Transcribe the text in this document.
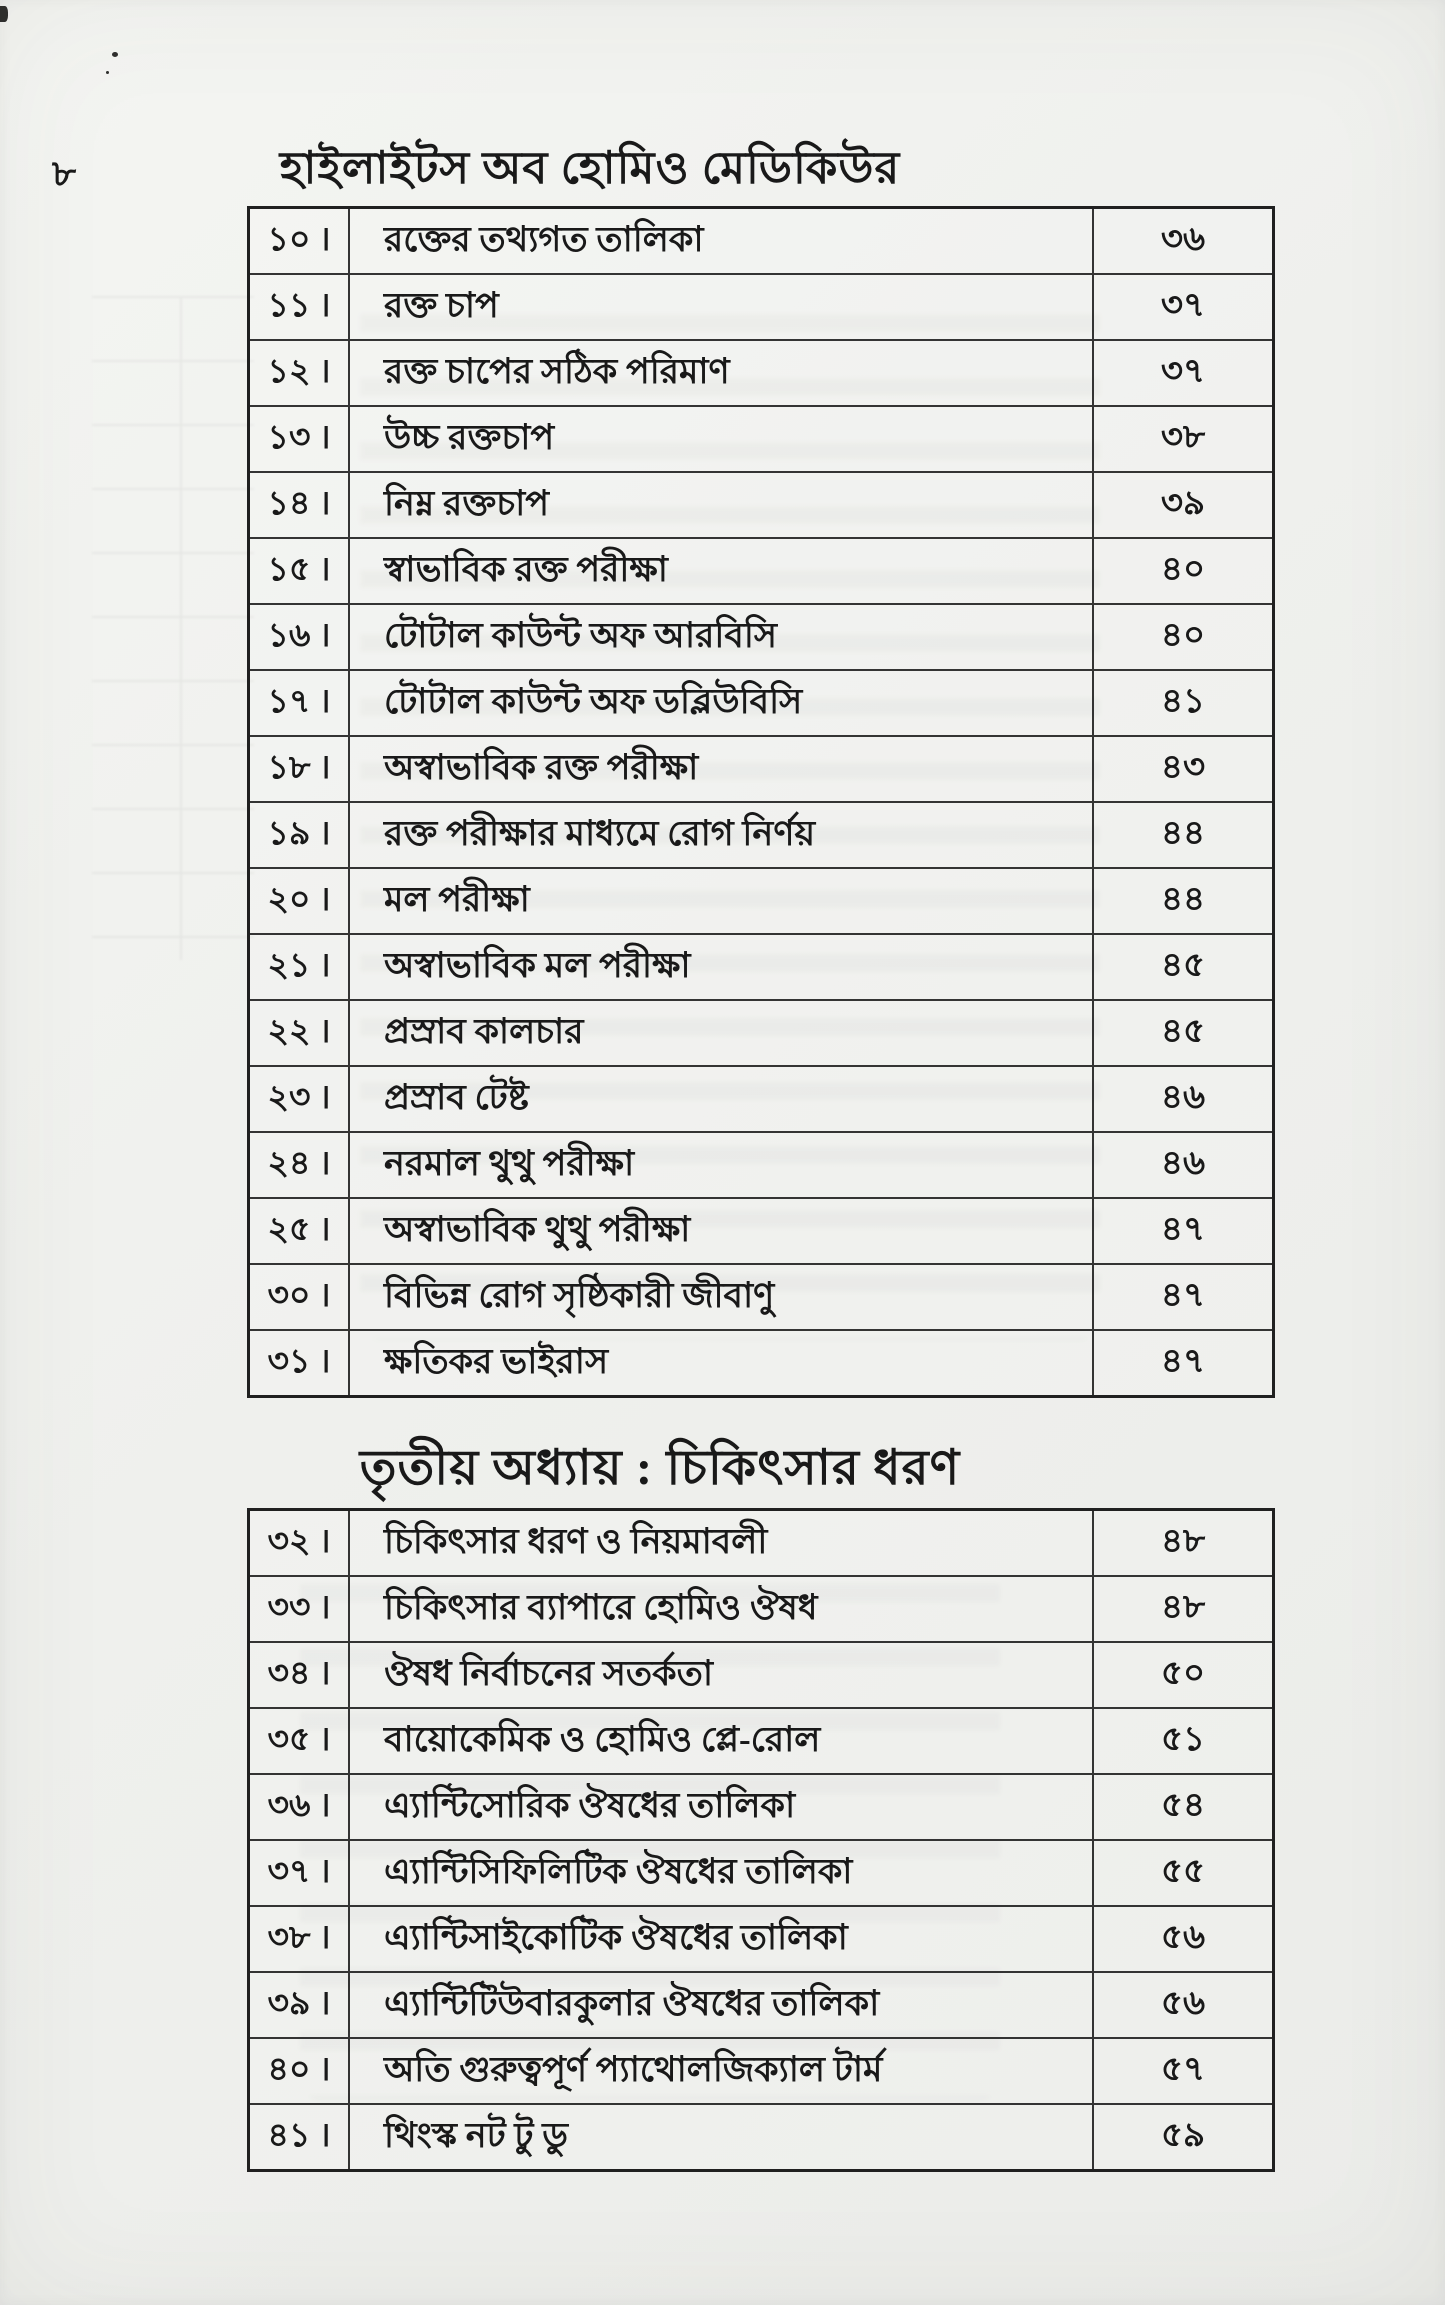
৮	হাইলাইটস অব হোমিও মেডিকিউর
১০ ।	রক্তের তথ্যগত তালিকা	৩৬
১১ ।	রক্ত চাপ	৩৭
১২ ।	রক্ত চাপের সঠিক পরিমাণ	৩৭
১৩ ।	উচ্চ রক্তচাপ	৩৮
১৪ ।	নিম্ন রক্তচাপ	৩৯
১৫ ।	স্বাভাবিক রক্ত পরীক্ষা	৪০
১৬ ।	টোটাল কাউন্ট অফ আরবিসি	৪০
১৭ ।	টোটাল কাউন্ট অফ ডব্লিউবিসি	৪১
১৮ ।	অস্বাভাবিক রক্ত পরীক্ষা	৪৩
১৯ ।	রক্ত পরীক্ষার মাধ্যমে রোগ নির্ণয়	৪৪
২০ ।	মল পরীক্ষা	৪৪
২১ ।	অস্বাভাবিক মল পরীক্ষা	৪৫
২২ ।	প্রস্রাব কালচার	৪৫
২৩ ।	প্রস্রাব টেষ্ট	৪৬
২৪ ।	নরমাল থুথু পরীক্ষা	৪৬
২৫ ।	অস্বাভাবিক থুথু পরীক্ষা	৪৭
৩০ ।	বিভিন্ন রোগ সৃষ্ঠিকারী জীবাণু	৪৭
৩১ ।	ক্ষতিকর ভাইরাস	৪৭
তৃতীয় অধ্যায় : চিকিৎসার ধরণ
৩২ ।	চিকিৎসার ধরণ ও নিয়মাবলী	৪৮
৩৩ ।	চিকিৎসার ব্যাপারে হোমিও ঔষধ	৪৮
৩৪ ।	ঔষধ নির্বাচনের সতর্কতা	৫০
৩৫ ।	বায়োকেমিক ও হোমিও প্লে-রোল	৫১
৩৬ ।	এ্যান্টিসোরিক ঔষধের তালিকা	৫৪
৩৭ ।	এ্যান্টিসিফিলিটিক ঔষধের তালিকা	৫৫
৩৮ ।	এ্যান্টিসাইকোটিক ঔষধের তালিকা	৫৬
৩৯ ।	এ্যান্টিটিউবারকুলার ঔষধের তালিকা	৫৬
৪০ ।	অতি গুরুত্বপূর্ণ প্যাথোলজিক্যাল টার্ম	৫৭
৪১ ।	থিংস্ক নট টু ডু	৫৯
